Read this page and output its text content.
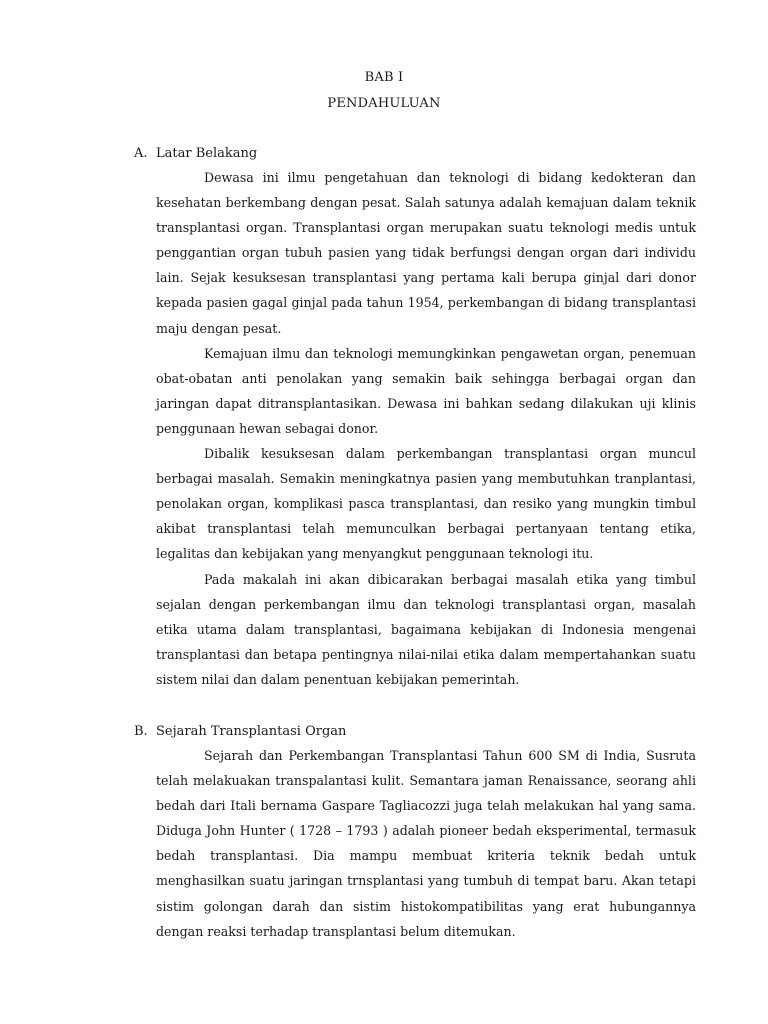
BAB I
PENDAHULUAN
A. Latar Belakang

Dewasa ini ilmu pengetahuan dan teknologi di bidang kedokteran dan kesehatan berkembang dengan pesat. Salah satunya adalah kemajuan dalam teknik transplantasi organ. Transplantasi organ merupakan suatu teknologi medis untuk penggantian organ tubuh pasien yang tidak berfungsi dengan organ dari individu lain. Sejak kesuksesan transplantasi yang pertama kali berupa ginjal dari donor kepada pasien gagal ginjal pada tahun 1954, perkembangan di bidang transplantasi maju dengan pesat.

Kemajuan ilmu dan teknologi memungkinkan pengawetan organ, penemuan obat-obatan anti penolakan yang semakin baik sehingga berbagai organ dan jaringan dapat ditransplantasikan. Dewasa ini bahkan sedang dilakukan uji klinis penggunaan hewan sebagai donor.

Dibalik kesuksesan dalam perkembangan transplantasi organ muncul berbagai masalah. Semakin meningkatnya pasien yang membutuhkan tranplantasi, penolakan organ, komplikasi pasca transplantasi, dan resiko yang mungkin timbul akibat transplantasi telah memunculkan berbagai pertanyaan tentang etika, legalitas dan kebijakan yang menyangkut penggunaan teknologi itu.

Pada makalah ini akan dibicarakan berbagai masalah etika yang timbul sejalan dengan perkembangan ilmu dan teknologi transplantasi organ, masalah etika utama dalam transplantasi, bagaimana kebijakan di Indonesia mengenai transplantasi dan betapa pentingnya nilai-nilai etika dalam mempertahankan suatu sistem nilai dan dalam penentuan kebijakan pemerintah.

B. Sejarah Transplantasi Organ

Sejarah dan Perkembangan Transplantasi Tahun 600 SM di India, Susruta telah melakuakan transpalantasi kulit. Semantara jaman Renaissance, seorang ahli bedah dari Itali bernama Gaspare Tagliacozzi juga telah melakukan hal yang sama. Diduga John Hunter ( 1728 – 1793 ) adalah pioneer bedah eksperimental, termasuk bedah transplantasi. Dia mampu membuat kriteria teknik bedah untuk menghasilkan suatu jaringan trnsplantasi yang tumbuh di tempat baru. Akan tetapi sistim golongan darah dan sistim histokompatibilitas yang erat hubungannya dengan reaksi terhadap transplantasi belum ditemukan.
